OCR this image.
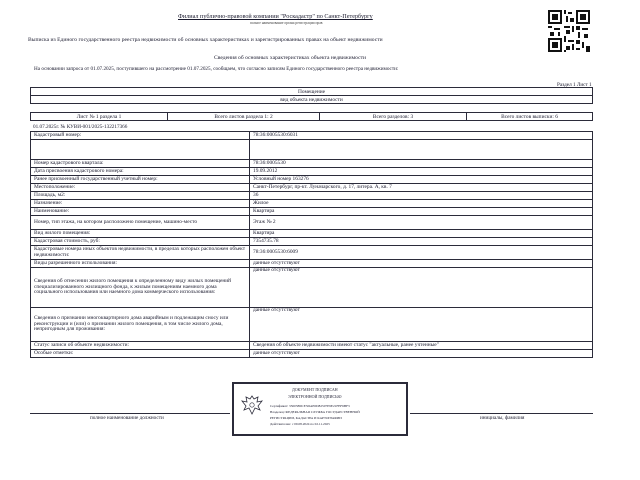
Филиал публично-правовой компании "Роскадастр" по Санкт-Петербургу
полное наименование органа регистрации прав
Выписка из Единого государственного реестра недвижимости об основных характеристиках и зарегистрированных правах на объект недвижимости
Сведения об основных характеристиках объекта недвижимости
На основании запроса от 01.07.2025, поступившего на рассмотрение 01.07.2025, сообщаем, что согласно записям Единого государственного реестра недвижимости:
Раздел 1 Лист 1
Помещение
вид объекта недвижимости
Лист № 1 раздела 1	Всего листов раздела 1: 2	Всего разделов: 3	Всего листов выписки: 6
01.07.2025г. № КУВИ-001/2025-132217366
Кадастровый номер:	78:36:0005530:6031

Номер кадастрового квартала:	78:36:0005530
Дата присвоения кадастрового номера:	19.09.2012
Ранее присвоенный государственный учетный номер:	Условный номер 163276
Местоположение:	Санкт-Петербург, пр-кт. Луначарского, д. 17, литера. А, кв. 7
Площадь, м2:	36
Назначение:	Жилое
Наименование:	Квартира
Номер, тип этажа, на котором расположено помещение, машино-место	Этаж № 2
Вид жилого помещения:	Квартира
Кадастровая стоимость, руб:	7354735.78
Кадастровые номера иных объектов недвижимости, в пределах которых расположен объект недвижимости:	78:36:0005530:6009
Виды разрешенного использования:	данные отсутствуют
Сведения об отнесении жилого помещения к определенному виду жилых помещений специализированного жилищного фонда, к жилым помещениям наемного дома социального использования или наемного дома коммерческого использования:	данные отсутствуют
Сведения о признании многоквартирного дома аварийным и подлежащим сносу или реконструкции и (или) о признании жилого помещения, в том числе жилого дома, непригодным для проживания:	данные отсутствуют
Статус записи об объекте недвижимости:	Сведения об объекте недвижимости имеют статус "актуальные, ранее учтенные"
Особые отметки:	данные отсутствуют
полное наименование должности	инициалы, фамилия
ДОКУМЕНТ ПОДПИСАН
ЭЛЕКТРОННОЙ ПОДПИСЬЮ
Сертификат: 35005B0CE5DAE0D82507E9E21FEF6BF3
Владелец: ФЕДЕРАЛЬНАЯ СЛУЖБА ГОСУДАРСТВЕННОЙ
РЕГИСТРАЦИИ, КАДАСТРА И КАРТОГРАФИИ
Действителен: с 09.08.2024 по 02.11.2025
